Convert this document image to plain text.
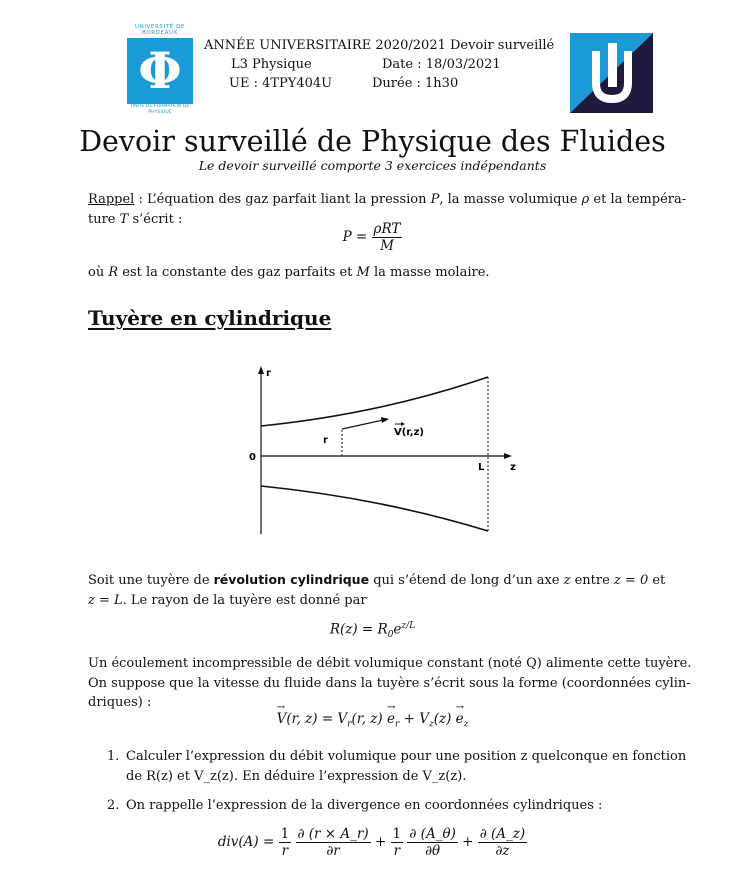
UNIVERSITÉ DE BORDEAUX
Φ
UNITÉ DE FORMATION DE PHYSIQUE
ANNÉE UNIVERSITAIRE 2020/2021 Devoir surveillé
L3 Physique	Date : 18/03/2021
UE : 4TPY404U	Durée : 1h30
Devoir surveillé de Physique des Fluides
Le devoir surveillé comporte 3 exercices indépendants
Rappel : L’équation des gaz parfait liant la pression P, la masse volumique ρ et la tempéra-
ture T s’écrit :
$P = \frac{\text{ρRT}}{M}$
où R est la constante des gaz parfaits et M la masse molaire.
Tuyère en cylindrique
r
0
z
L
r
V(r,z)
Soit une tuyère de révolution cylindrique qui s’étend de long d’un axe z entre z = 0 et
z = L. Le rayon de la tuyère est donné par
$R(z) = R_0e^{z/L}$
Un écoulement incompressible de débit volumique constant (noté Q) alimente cette tuyère.
On suppose que la vitesse du fluide dans la tuyère s’écrit sous la forme (coordonnées cylin-
driques) :	→
V(r, $z) = V_r(r$, z)
→
$e_r + V_z(z)$
→
$e_z$
1. Calculer l’expression du débit volumique pour une position z quelconque en fonction
de R(z) et V_z(z). En déduire l’expression de V_z(z).
2. On rappelle l’expression de la divergence en coordonnées cylindriques :
$div(A) = \frac{1}{r}$
$\frac{\partial (r \times A\_r)}{\partial r} + \frac{1}{r}$
$\frac{\partial (A\_\theta)}{\partial\theta} + \frac{\partial (A\_z)}{\partial z}$
